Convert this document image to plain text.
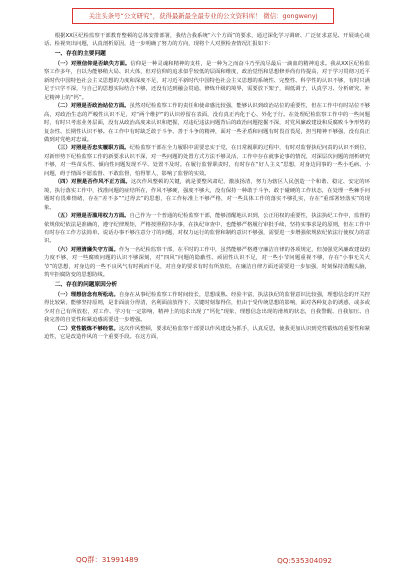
关注头条号“公文研究”，获得最新最全最专业的公文资料库！ 微信：gongwenyj
根据XX区纪检监察干部教育整顿的总体安排部署，我结合我系统“六个方面”的要求，通过深化学习调研、广泛征求意见、开展谈心谈话、检视突出问题，认真剖析原因，进一步明确了努力的方向，现将个人对照检查情况汇报如下：
一、存在的主要问题
（一）对照信仰是否缺失方面。信仰是一种灵魂和精神的支柱，是一种为之而奋斗乃至流尽最后一滴血的精神追求。我从XX区纪检监察工作多年，自以为能够稍大局、识大体，但对信仰的追求似乎较低的层面和维度，政治觉悟和思想修养尚有待提高，对于学习贯彻习近平新时代中国特色社会主义思想的力度和深度不足，对习近平新时代中国特色社会主义思想的系统性、完整性、科学性的认识不够，有时只满足于只学不深，与自己的思想实际结合不够，还没有达到融会贯通、修炼升级的境界，需要放下架子，调低调子，认真学习、分析研究、补足精神上的“钙”。
（二）对照是否政治站位方面。虽然对纪检监察工作的责任和使命感比较强，能够认识到政治站位的重要性，但在工作中有时站位不够高，对政治生态的严峻性认识不足，对“两个维护”的认识停留在表面，没有真正内化于心、外化于行。在处理纪检监察工作中的一些问题时，有时只考虑业务层面，没有从政治高度来认识和把握，对违纪违法问题背后的政治问题挖掘不深，对党风廉政建设和反腐败斗争形势的复杂性、长期性认识不够。在工作中有时缺乏敢于斗争、善于斗争的精神，面对一些矛盾和问题有时畏首畏尾，担当精神不够强，没有真正做到对党绝对忠诚。
（三）对照是否忠实履职方面。纪检监察干部在全力履职中需要忠实于党，在日常履职的过程中，有时对监督执纪问责的认识不到位，对新形势下纪检监察工作的新要求认识不深，对一些问题的处置方式方法不够灵活，工作中存在就事论事的情况，对深层次问题的剖析研究不够，对一些苗头性、倾向性问题发现不早、处置不及时。在履行监督职责时，有时存在“好人主义”思想，对身边同事的一些小毛病、小问题，碍于情面不愿监督、不敢监督，怕得罪人，影响了监督的实效。
（四）对照是否作风不正方面。这次作风整顿的关键，就是要整风肃纪，激浊扬清，努力为辖区人民创造一个和谐、稳定、安定的环境，执行落实工作中，找准问题的症结所在，作风不够硬，强度不够大，没有保持一种敢于斗争、敢于碰硬的工作状态，在处理一些棘手问题时有畏难情绪，存在“差不多”“过得去”的思想，在工作标准上不够严格，对一些具体工作的落实不够扎实，存在“重部署轻落实”的现象。
（五）对照是否滥用权力方面。自己作为一个普通的纪检监察干部，能够清醒地认识到，公正用权的重要性，执法执纪工作中，监督的依规依纪依法是准确的，遵守纪律规矩，严格按照程序办事，在执纪审查中，也能够严格履行审批手续，坚持实事求是的原则，但在工作中有时存在工作方法简单、说话办事不够注意分寸的问题，对权力运行的监督和制约意识不够强，需要进一步增强依规依纪依法行使权力的意识。
（六）对照清廉失守方面。作为一名纪检监察干部，在平时的工作中，虽然能够严格遵守廉洁自律的各项规定，但加强党风廉政建设的力度不够，对一些腐败问题的认识不够深刻，对“四风”问题的隐蔽性、顽固性认识不足，对一些小节问题重视不够，存在“小事无关大节”的思想，对身边的一些不良风气有时视而不见，对自身的要求有时有所放松，在廉洁自律方面还需要进一步加强，时刻保持清醒头脑，筑牢拒腐防变的思想防线。
二、存在的问题原因分析
（一）理想信念有所松动。自身在从事纪检监察工作时间较长，思想成熟、经验丰富，执法执纪的监督意识比较强，理想信念的开关控得比较紧，能够坚持原则，是非面前分得清，名利面前放得下，关键时刻靠得住，但由于受传统思想的影响，面对各种复杂的诱惑，或多或少对自己有所放松，对工作、学习有一定影响，精神上的追求出现了“钙化”现象，理想信念出现的滑坡的状态，自我警醒、自我加压、自我完善的自觉性和紧迫感需要进一步增强。
（二）党性锻炼不够经常。这次作风整顿，要求纪检监察干部要以作风建设为抓手，认真反思，使我更加认识到党性锻炼的重要性和紧迫性，它是改造作风的一个重要手段。在这方面，
QQ群：31991489	QQ:535304092
